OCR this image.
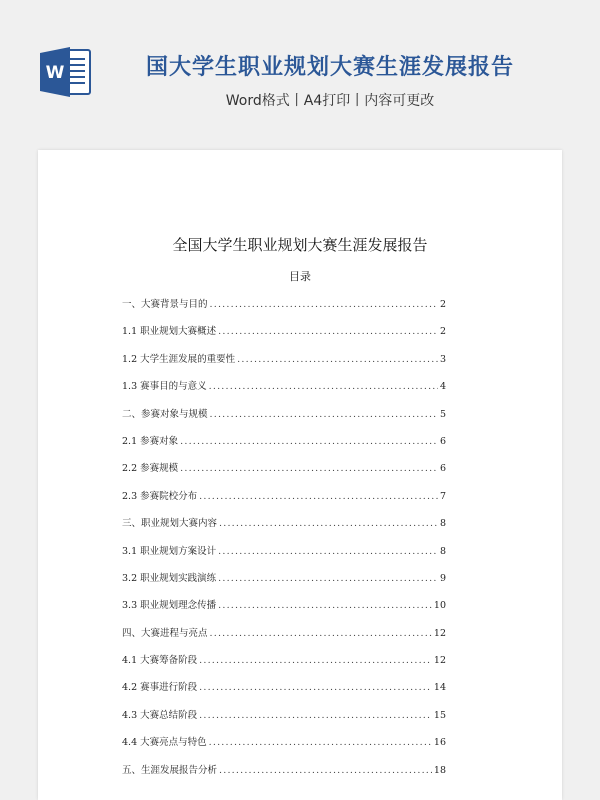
W	国大学生职业规划大赛生涯发展报告
Word格式丨A4打印丨内容可更改
全国大学生职业规划大赛生涯发展报告
目录
一、大赛背景与目的 .....	2
1.1 职业规划大赛概述 .....	2
1.2 大学生涯发展的重要性 .....	3
1.3 赛事目的与意义 .....	4
二、参赛对象与规模 .....	5
2.1 参赛对象 .....	6
2.2 参赛规模 .....	6
2.3 参赛院校分布 .....	7
三、职业规划大赛内容 .....	8
3.1 职业规划方案设计 .....	8
3.2 职业规划实践演练 .....	9
3.3 职业规划理念传播 .....	10
四、大赛进程与亮点 .....	12
4.1 大赛筹备阶段 .....	12
4.2 赛事进行阶段 .....	14
4.3 大赛总结阶段 .....	15
4.4 大赛亮点与特色 .....	16
五、生涯发展报告分析 .....	18
